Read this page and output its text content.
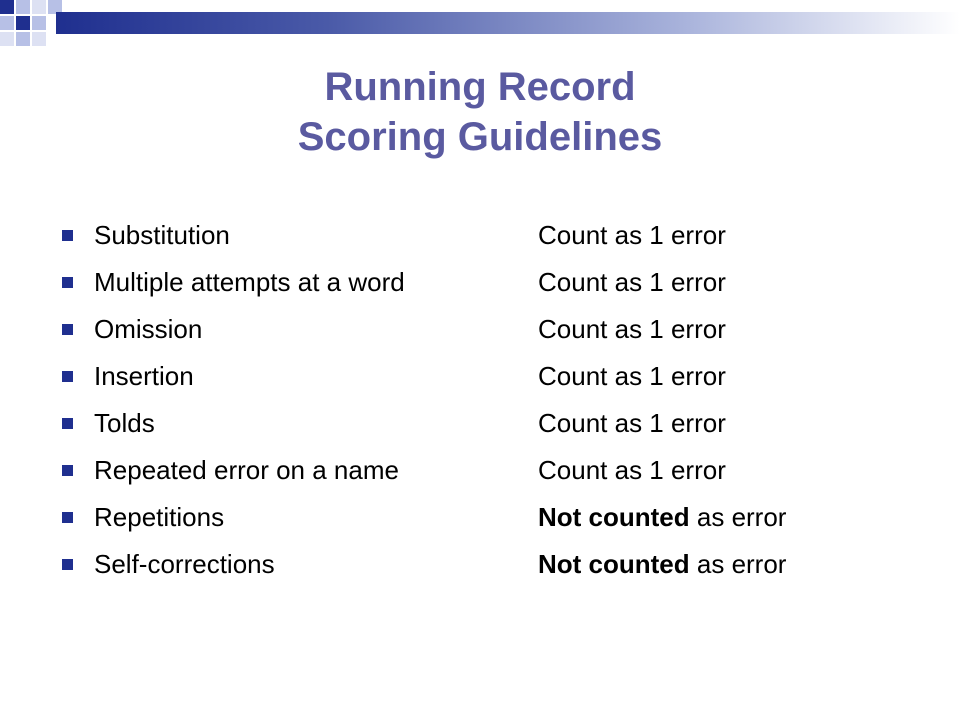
Running Record
Scoring Guidelines
Substitution	Count as 1 error
Multiple attempts at a word	Count as 1 error
Omission	Count as 1 error
Insertion	Count as 1 error
Tolds	Count as 1 error
Repeated error on a name	Count as 1 error
Repetitions	Not counted as error
Self-corrections	Not counted as error
